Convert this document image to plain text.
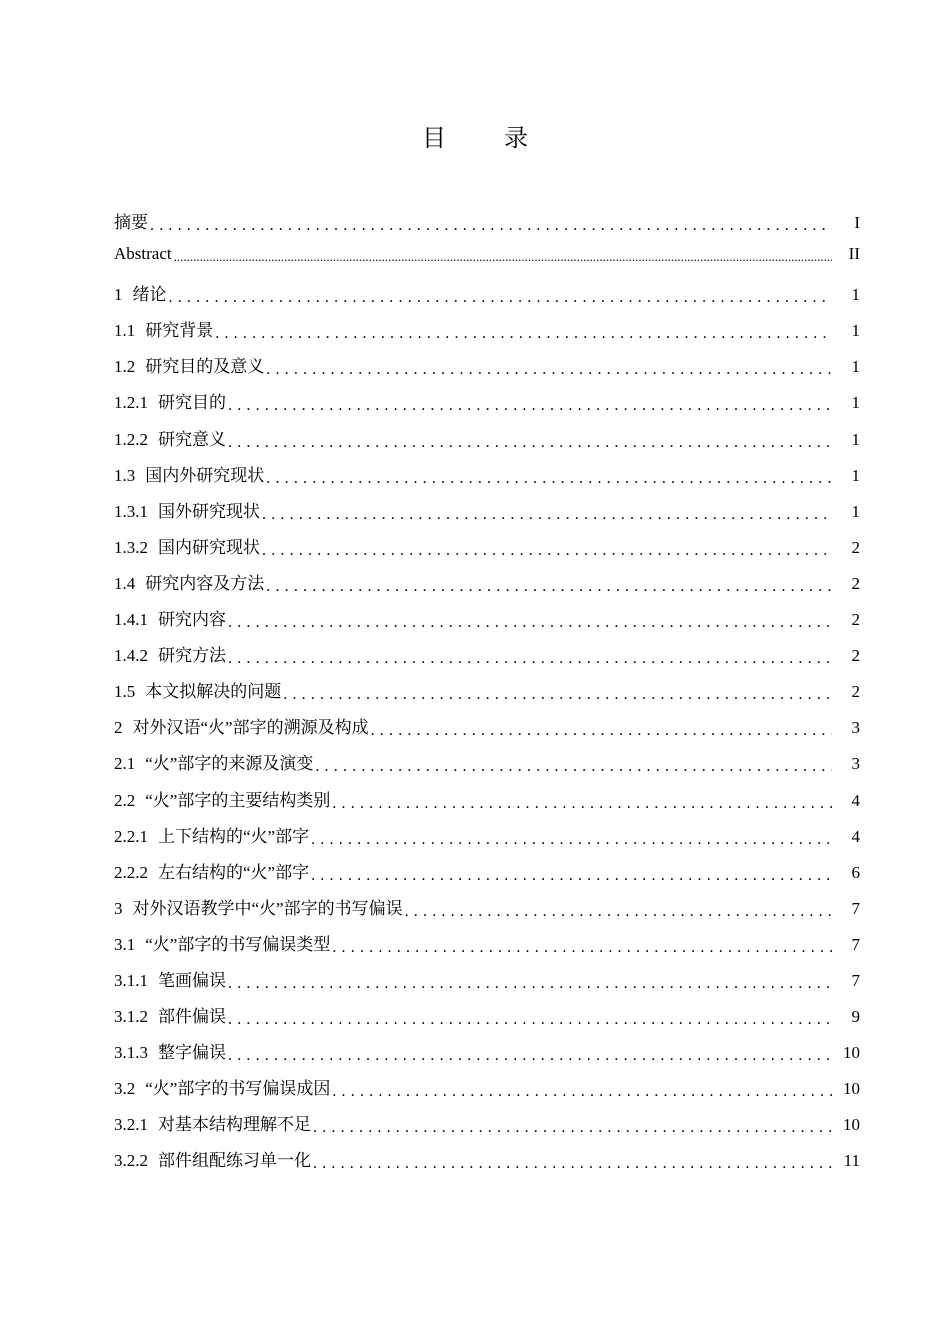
目 录
摘要 . . .	I
Abstract .....	II
1 绪论 . . .	1
1.1 研究背景 . . .	1
1.2 研究目的及意义 . . .	1
1.2.1 研究目的 . . .	1
1.2.2 研究意义 . . .	1
1.3 国内外研究现状 . . .	1
1.3.1 国外研究现状 . . .	1
1.3.2 国内研究现状 . . .	2
1.4 研究内容及方法 . . .	2
1.4.1 研究内容 . . .	2
1.4.2 研究方法 . . .	2
1.5 本文拟解决的问题 . . .	2
2 对外汉语“火”部字的溯源及构成 . . .	3
2.1 “火”部字的来源及演变 . . .	3
2.2 “火”部字的主要结构类别 . . .	4
2.2.1 上下结构的“火”部字 . . .	4
2.2.2 左右结构的“火”部字 . . .	6
3 对外汉语教学中“火”部字的书写偏误 . . .	7
3.1 “火”部字的书写偏误类型 . . .	7
3.1.1 笔画偏误 . . .	7
3.1.2 部件偏误 . . .	9
3.1.3 整字偏误 . . .	10
3.2 “火”部字的书写偏误成因 . . .	10
3.2.1 对基本结构理解不足 . . .	10
3.2.2 部件组配练习单一化 . . .	11
